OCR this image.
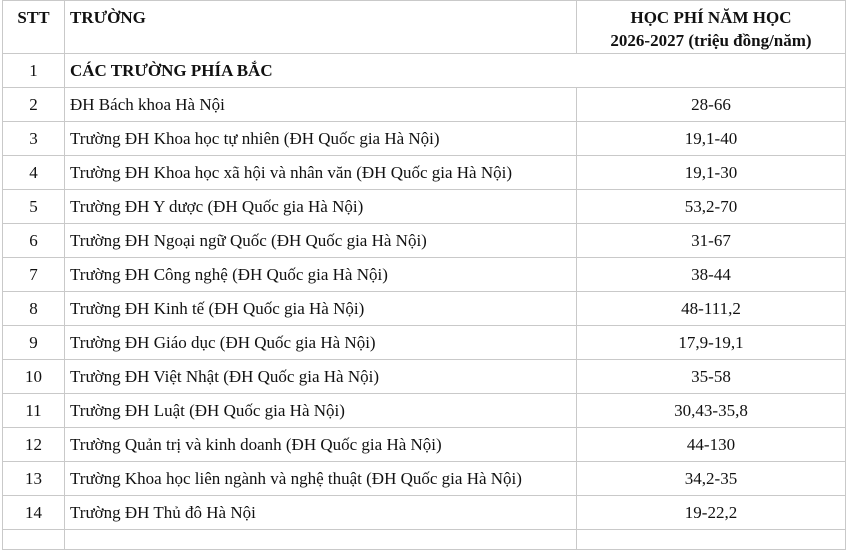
STT	TRƯỜNG	HỌC PHÍ NĂM HỌC
2026-2027 (triệu đồng/năm)

1	CÁC TRƯỜNG PHÍA BẮC	
2	ĐH Bách khoa Hà Nội	28-66
3	Trường ĐH Khoa học tự nhiên (ĐH Quốc gia Hà Nội)	19,1-40
4	Trường ĐH Khoa học xã hội và nhân văn (ĐH Quốc gia Hà Nội)	19,1-30
5	Trường ĐH Y dược (ĐH Quốc gia Hà Nội)	53,2-70
6	Trường ĐH Ngoại ngữ Quốc (ĐH Quốc gia Hà Nội)	31-67
7	Trường ĐH Công nghệ (ĐH Quốc gia Hà Nội)	38-44
8	Trường ĐH Kinh tế (ĐH Quốc gia Hà Nội)	48-111,2
9	Trường ĐH Giáo dục (ĐH Quốc gia Hà Nội)	17,9-19,1
10	Trường ĐH Việt Nhật (ĐH Quốc gia Hà Nội)	35-58
11	Trường ĐH Luật (ĐH Quốc gia Hà Nội)	30,43-35,8
12	Trường Quản trị và kinh doanh (ĐH Quốc gia Hà Nội)	44-130
13	Trường Khoa học liên ngành và nghệ thuật (ĐH Quốc gia Hà Nội)	34,2-35
14	Trường ĐH Thủ đô Hà Nội	19-22,2
